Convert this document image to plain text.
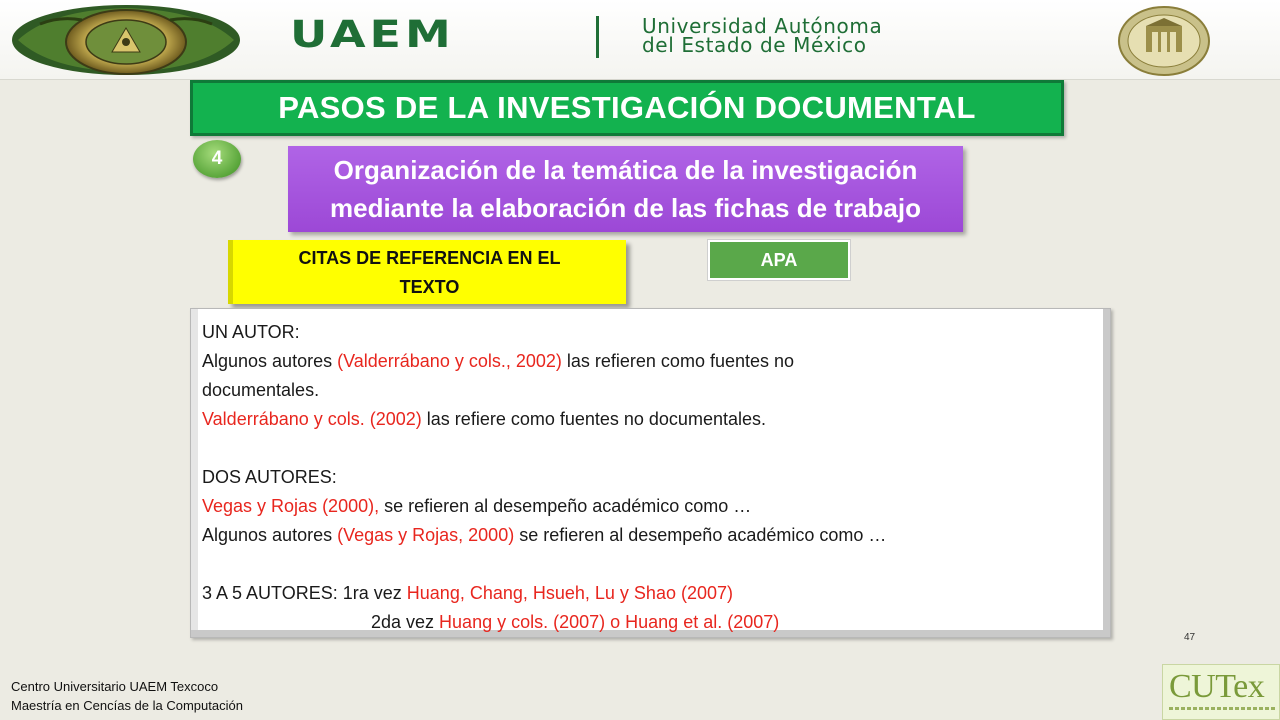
UAEM	Universidad Autónoma
del Estado de México
PASOS DE LA INVESTIGACIÓN DOCUMENTAL
4	Organización de la temática de la investigación
mediante la elaboración de las fichas de trabajo
CITAS DE REFERENCIA EN EL
TEXTO
APA

UN AUTOR:

Algunos autores (Valderrábano y cols., 2002) las refieren como fuentes no

documentales.

Valderrábano y cols. (2002) las refiere como fuentes no documentales.

DOS AUTORES:

Vegas y Rojas (2000), se refieren al desempeño académico como …

Algunos autores (Vegas y Rojas, 2000) se refieren al desempeño académico como …

3 A 5 AUTORES: 1ra vez Huang, Chang, Hsueh, Lu y Shao (2007)

2da vez Huang y cols. (2007) o Huang et al. (2007)

47
Centro Universitario UAEM Texcoco
Maestría en Cencías de la Computación
CUTex
